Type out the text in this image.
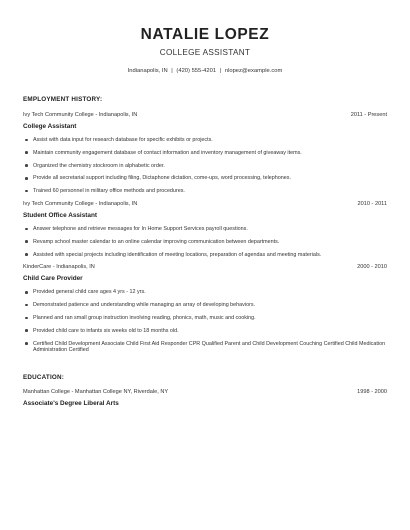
NATALIE LOPEZ
COLLEGE ASSISTANT
Indianapolis, IN | (420) 555-4201 | nlopez@example.com
EMPLOYMENT HISTORY:
Ivy Tech Community College - Indianapolis, IN	2011 - Present
College Assistant
Assist with data input for research database for specific exhibits or projects.
Maintain community engagement database of contact information and inventory management of giveaway items.
Organized the chemistry stockroom in alphabetic order.
Provide all secretarial support including filing, Dictaphone dictation, come-ups, word processing, telephones.
Trained 60 personnel in military office methods and procedures.
Ivy Tech Community College - Indianapolis, IN	2010 - 2011
Student Office Assistant
Answer telephone and retrieve messages for In Home Support Services payroll questions.
Revamp school master calendar to an online calendar improving communication between departments.
Assisted with special projects including identification of meeting locations, preparation of agendas and meeting materials.
KinderCare - Indianapolis, IN	2000 - 2010
Child Care Provider
Provided general child care ages 4 yrs - 12 yrs.
Demonstrated patience and understanding while managing an array of developing behaviors.
Planned and ran small group instruction involving reading, phonics, math, music and cooking.
Provided child care to infants six weeks old to 18 months old.
Certified Child Development Associate Child First Aid Responder CPR Qualified Parent and Child Development Couching Certified Child Medication Administration Certified
EDUCATION:
Manhattan College - Manhattan College NY, Riverdale, NY	1998 - 2000
Associate's Degree Liberal Arts
